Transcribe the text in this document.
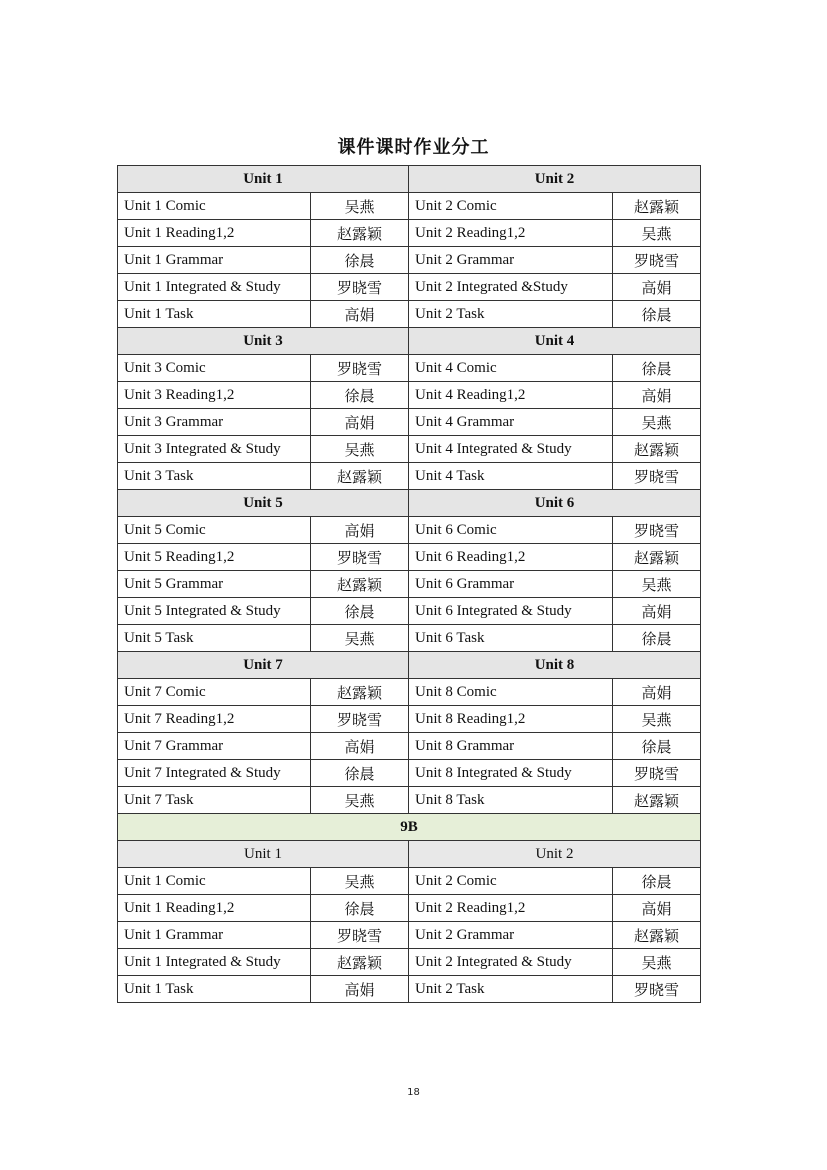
课件课时作业分工
Unit 1		Unit 2	
Unit 1 Comic	吴燕	Unit 2 Comic	赵露颖
Unit 1 Reading1,2	赵露颖	Unit 2 Reading1,2	吴燕
Unit 1 Grammar	徐晨	Unit 2 Grammar	罗晓雪
Unit 1 Integrated & Study	罗晓雪	Unit 2 Integrated &Study	高娟
Unit 1 Task	高娟	Unit 2 Task	徐晨
Unit 3		Unit 4	
Unit 3 Comic	罗晓雪	Unit 4 Comic	徐晨
Unit 3 Reading1,2	徐晨	Unit 4 Reading1,2	高娟
Unit 3 Grammar	高娟	Unit 4 Grammar	吴燕
Unit 3 Integrated & Study	吴燕	Unit 4 Integrated & Study	赵露颖
Unit 3 Task	赵露颖	Unit 4 Task	罗晓雪
Unit 5		Unit 6	
Unit 5 Comic	高娟	Unit 6 Comic	罗晓雪
Unit 5 Reading1,2	罗晓雪	Unit 6 Reading1,2	赵露颖
Unit 5 Grammar	赵露颖	Unit 6 Grammar	吴燕
Unit 5 Integrated & Study	徐晨	Unit 6 Integrated & Study	高娟
Unit 5 Task	吴燕	Unit 6 Task	徐晨
Unit 7		Unit 8	
Unit 7 Comic	赵露颖	Unit 8 Comic	高娟
Unit 7 Reading1,2	罗晓雪	Unit 8 Reading1,2	吴燕
Unit 7 Grammar	高娟	Unit 8 Grammar	徐晨
Unit 7 Integrated & Study	徐晨	Unit 8 Integrated & Study	罗晓雪
Unit 7 Task	吴燕	Unit 8 Task	赵露颖
9B			
Unit 1		Unit 2	
Unit 1 Comic	吴燕	Unit 2 Comic	徐晨
Unit 1 Reading1,2	徐晨	Unit 2 Reading1,2	高娟
Unit 1 Grammar	罗晓雪	Unit 2 Grammar	赵露颖
Unit 1 Integrated & Study	赵露颖	Unit 2 Integrated & Study	吴燕
Unit 1 Task	高娟	Unit 2 Task	罗晓雪
18
